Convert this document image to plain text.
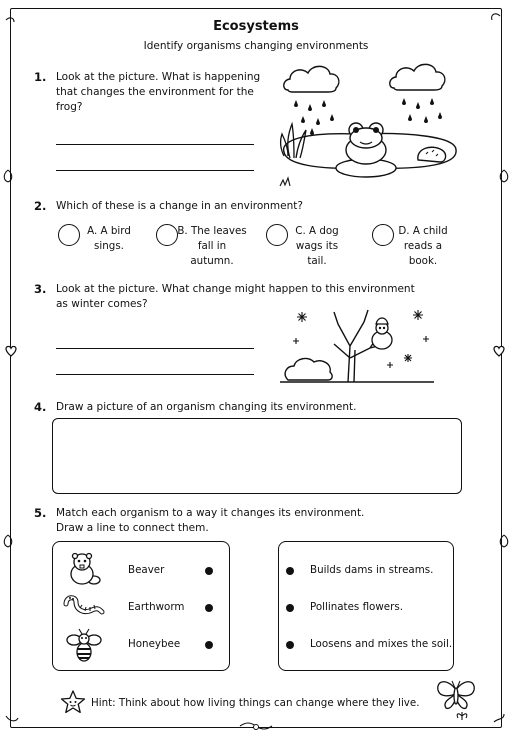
Ecosystems
Identify organisms changing environments
1. Look at the picture. What is happening
that changes the environment for the
frog?
2. Which of these is a change in an environment?
A. A bird
sings.
B. The leaves
fall in
autumn.
C. A dog
wags its
tail.
D. A child
reads a
book.
3. Look at the picture. What change might happen to this environment
as winter comes?
4. Draw a picture of an organism changing its environment.
5. Match each organism to a way it changes its environment.
Draw a line to connect them.
Beaver
Earthworm
Honeybee
Builds dams in streams.
Pollinates flowers.
Loosens and mixes the soil.
Hint: Think about how living things can change where they live.
